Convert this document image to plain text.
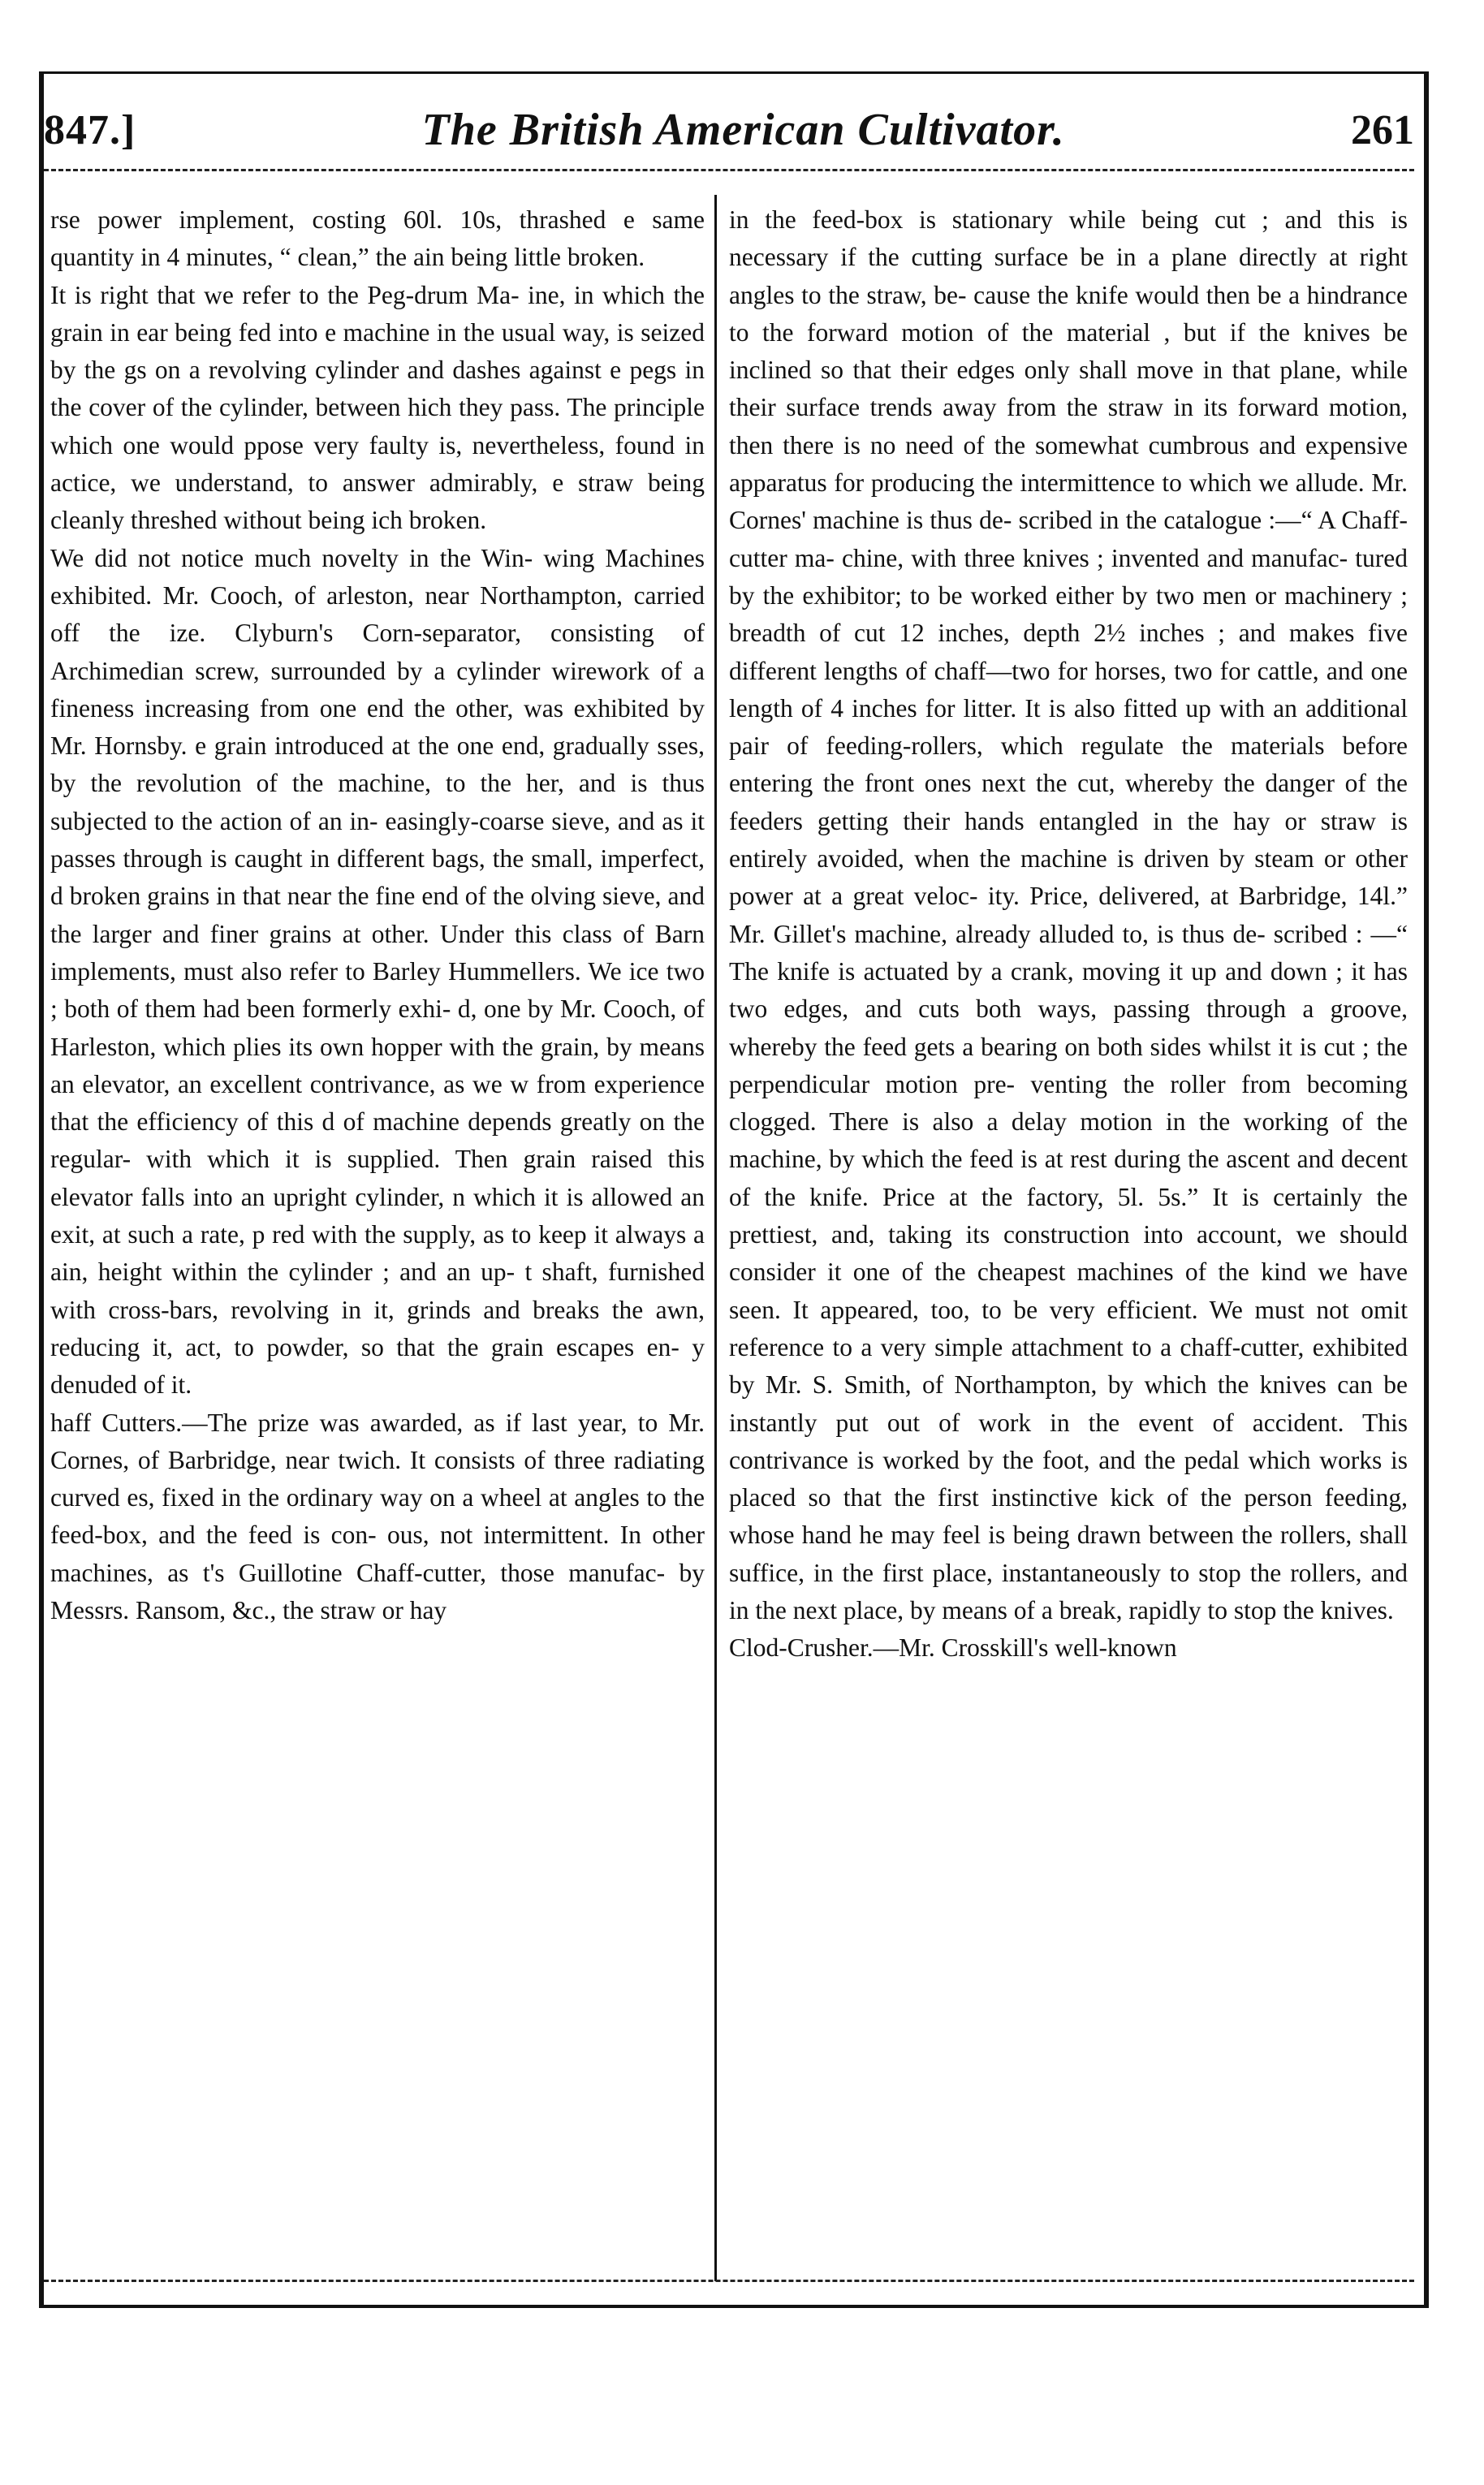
847.]	The British American Cultivator.	261

rse power implement, costing 60l. 10s, thrashed e same quantity in 4 minutes, “ clean,” the ain being little broken.

It is right that we refer to the Peg-drum Ma- ine, in which the grain in ear being fed into e machine in the usual way, is seized by the gs on a revolving cylinder and dashes against e pegs in the cover of the cylinder, between hich they pass. The principle which one would ppose very faulty is, nevertheless, found in actice, we understand, to answer admirably, e straw being cleanly threshed without being ich broken.

We did not notice much novelty in the Win- wing Machines exhibited. Mr. Cooch, of arleston, near Northampton, carried off the ize. Clyburn's Corn-separator, consisting of Archimedian screw, surrounded by a cylinder wirework of a fineness increasing from one end the other, was exhibited by Mr. Hornsby. e grain introduced at the one end, gradually sses, by the revolution of the machine, to the her, and is thus subjected to the action of an in- easingly-coarse sieve, and as it passes through is caught in different bags, the small, imperfect, d broken grains in that near the fine end of the olving sieve, and the larger and finer grains at other. Under this class of Barn implements, must also refer to Barley Hummellers. We ice two ; both of them had been formerly exhi- d, one by Mr. Cooch, of Harleston, which plies its own hopper with the grain, by means an elevator, an excellent contrivance, as we w from experience that the efficiency of this d of machine depends greatly on the regular- with which it is supplied. Then grain raised this elevator falls into an upright cylinder, n which it is allowed an exit, at such a rate, p red with the supply, as to keep it always a ain, height within the cylinder ; and an up- t shaft, furnished with cross-bars, revolving in it, grinds and breaks the awn, reducing it, act, to powder, so that the grain escapes en- y denuded of it.

haff Cutters.—The prize was awarded, as if last year, to Mr. Cornes, of Barbridge, near twich. It consists of three radiating curved es, fixed in the ordinary way on a wheel at angles to the feed-box, and the feed is con- ous, not intermittent. In other machines, as t's Guillotine Chaff-cutter, those manufac- by Messrs. Ransom, &c., the straw or hay

in the feed-box is stationary while being cut ; and this is necessary if the cutting surface be in a plane directly at right angles to the straw, be- cause the knife would then be a hindrance to the forward motion of the material , but if the knives be inclined so that their edges only shall move in that plane, while their surface trends away from the straw in its forward motion, then there is no need of the somewhat cumbrous and expensive apparatus for producing the intermittence to which we allude. Mr. Cornes' machine is thus de- scribed in the catalogue :—“ A Chaff-cutter ma- chine, with three knives ; invented and manufac- tured by the exhibitor; to be worked either by two men or machinery ; breadth of cut 12 inches, depth 2½ inches ; and makes five different lengths of chaff—two for horses, two for cattle, and one length of 4 inches for litter. It is also fitted up with an additional pair of feeding-rollers, which regulate the materials before entering the front ones next the cut, whereby the danger of the feeders getting their hands entangled in the hay or straw is entirely avoided, when the machine is driven by steam or other power at a great veloc- ity. Price, delivered, at Barbridge, 14l.” Mr. Gillet's machine, already alluded to, is thus de- scribed : —“ The knife is actuated by a crank, moving it up and down ; it has two edges, and cuts both ways, passing through a groove, whereby the feed gets a bearing on both sides whilst it is cut ; the perpendicular motion pre- venting the roller from becoming clogged. There is also a delay motion in the working of the machine, by which the feed is at rest during the ascent and decent of the knife. Price at the factory, 5l. 5s.” It is certainly the prettiest, and, taking its construction into account, we should consider it one of the cheapest machines of the kind we have seen. It appeared, too, to be very efficient. We must not omit reference to a very simple attachment to a chaff-cutter, exhibited by Mr. S. Smith, of Northampton, by which the knives can be instantly put out of work in the event of accident. This contrivance is worked by the foot, and the pedal which works is placed so that the first instinctive kick of the person feeding, whose hand he may feel is being drawn between the rollers, shall suffice, in the first place, instantaneously to stop the rollers, and in the next place, by means of a break, rapidly to stop the knives.

Clod-Crusher.—Mr. Crosskill's well-known
